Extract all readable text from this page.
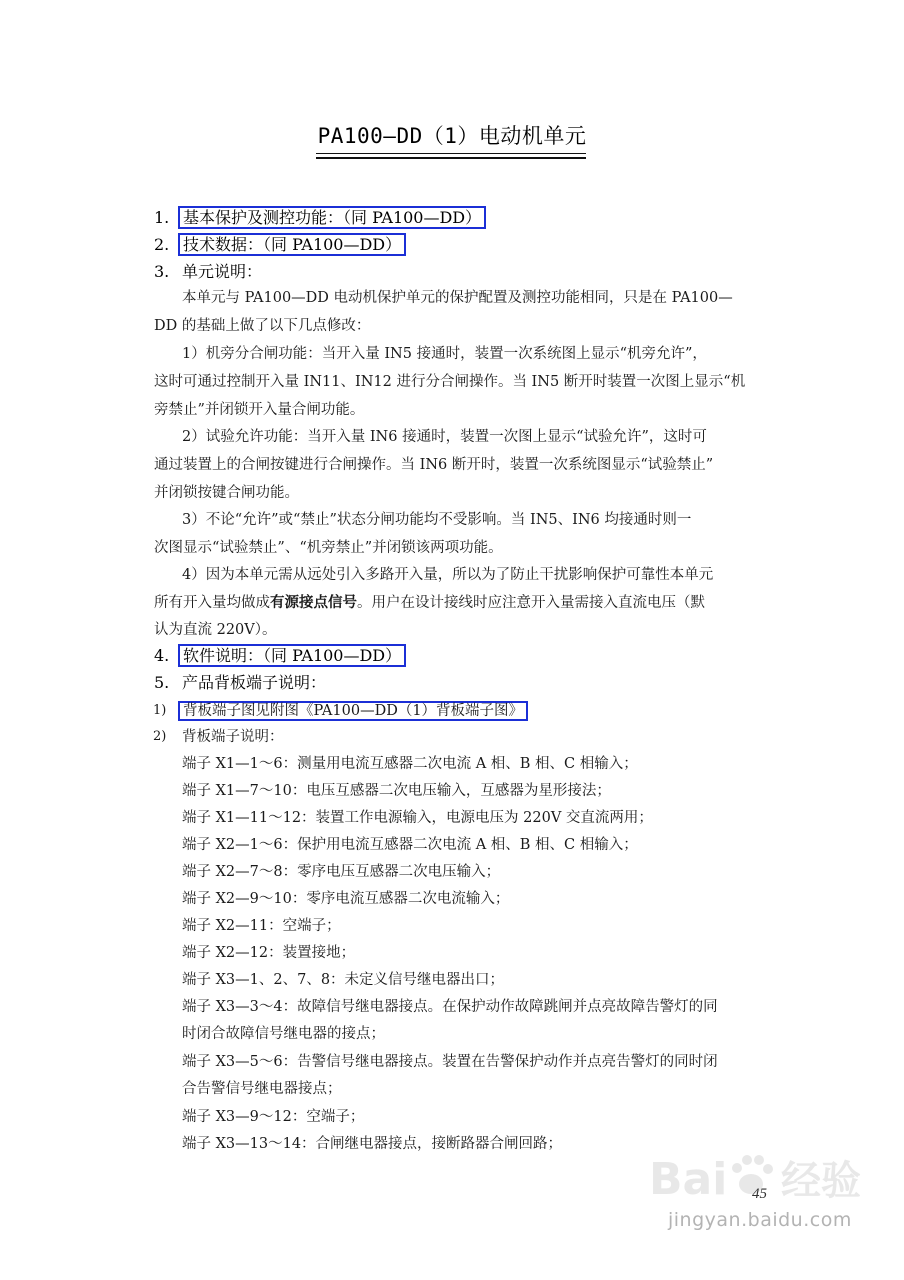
PA100—DD（1）电动机单元
1. 基本保护及测控功能：（同 PA100—DD）
2. 技术数据：（同 PA100—DD）
3. 单元说明：
本单元与 PA100—DD 电动机保护单元的保护配置及测控功能相同，只是在 PA100—
DD 的基础上做了以下几点修改：
1）机旁分合闸功能：当开入量 IN5 接通时，装置一次系统图上显示“机旁允许”，
这时可通过控制开入量 IN11、IN12 进行分合闸操作。当 IN5 断开时装置一次图上显示“机
旁禁止”并闭锁开入量合闸功能。
2）试验允许功能：当开入量 IN6 接通时，装置一次图上显示“试验允许”，这时可
通过装置上的合闸按键进行合闸操作。当 IN6 断开时，装置一次系统图显示“试验禁止”
并闭锁按键合闸功能。
3）不论“允许”或“禁止”状态分闸功能均不受影响。当 IN5、IN6 均接通时则一
次图显示“试验禁止”、“机旁禁止”并闭锁该两项功能。
4）因为本单元需从远处引入多路开入量，所以为了防止干扰影响保护可靠性本单元
所有开入量均做成有源接点信号。用户在设计接线时应注意开入量需接入直流电压（默
认为直流 220V）。
4. 软件说明：（同 PA100—DD）
5. 产品背板端子说明：
1) 背板端子图见附图《PA100—DD（1）背板端子图》
2) 背板端子说明：
端子 X1—1～6：测量用电流互感器二次电流 A 相、B 相、C 相输入；
端子 X1—7～10：电压互感器二次电压输入，互感器为星形接法；
端子 X1—11～12：装置工作电源输入，电源电压为 220V 交直流两用；
端子 X2—1～6：保护用电流互感器二次电流 A 相、B 相、C 相输入；
端子 X2—7～8：零序电压互感器二次电压输入；
端子 X2—9～10：零序电流互感器二次电流输入；
端子 X2—11：空端子；
端子 X2—12：装置接地；
端子 X3—1、2、7、8：未定义信号继电器出口；
端子 X3—3～4：故障信号继电器接点。在保护动作故障跳闸并点亮故障告警灯的同
时闭合故障信号继电器的接点；
端子 X3—5～6：告警信号继电器接点。装置在告警保护动作并点亮告警灯的同时闭
合告警信号继电器接点；
端子 X3—9～12：空端子；
端子 X3—13～14：合闸继电器接点，接断路器合闸回路；
Bai 经验
45
jingyan.baidu.com
